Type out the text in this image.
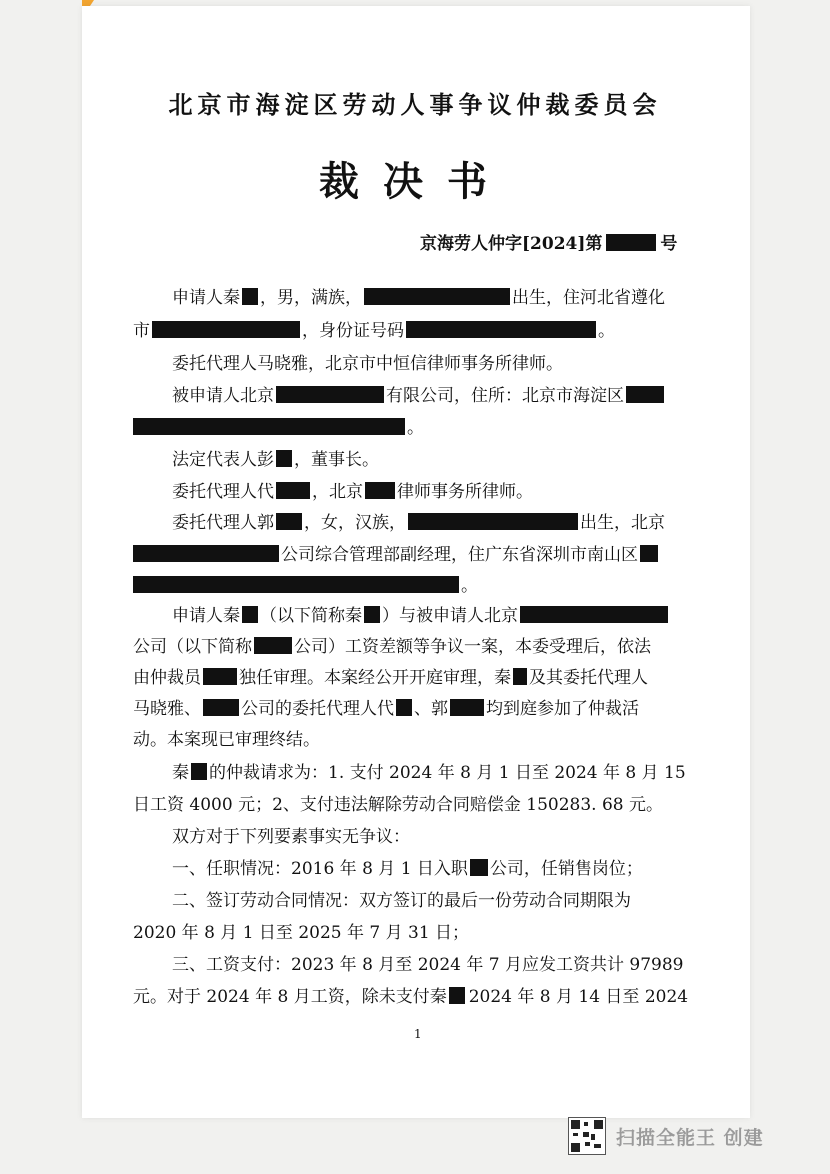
北京市海淀区劳动人事争议仲裁委员会
裁决书
京海劳人仲字[2024]第	号
申请人秦 ，男，满族，	出生，住河北省遵化
市	，身份证号码	。
委托代理人马晓雅，北京市中恒信律师事务所律师。
被申请人北京	有限公司，住所：北京市海淀区
。
法定代表人彭 ，董事长。
委托代理人代 ，北京 律师事务所律师。
委托代理人郭 ，女，汉族，	出生，北京
公司综合管理部副经理，住广东省深圳市南山区
。
申请人秦 （以下简称秦 ）与被申请人北京
公司（以下简称 公司）工资差额等争议一案，本委受理后，依法
由仲裁员 独任审理。本案经公开开庭审理，秦 及其委托代理人
马晓雅、 公司的委托代理人代 、郭 均到庭参加了仲裁活
动。本案现已审理终结。
秦 的仲裁请求为：1. 支付 2024 年 8 月 1 日至 2024 年 8 月 15
日工资 4000 元；2、支付违法解除劳动合同赔偿金 150283. 68 元。
双方对于下列要素事实无争议：
一、任职情况：2016 年 8 月 1 日入职 公司，任销售岗位；
二、签订劳动合同情况：双方签订的最后一份劳动合同期限为
2020 年 8 月 1 日至 2025 年 7 月 31 日；
三、工资支付：2023 年 8 月至 2024 年 7 月应发工资共计 97989
元。对于 2024 年 8 月工资，除未支付秦 2024 年 8 月 14 日至 2024
1
扫描全能王 创建
